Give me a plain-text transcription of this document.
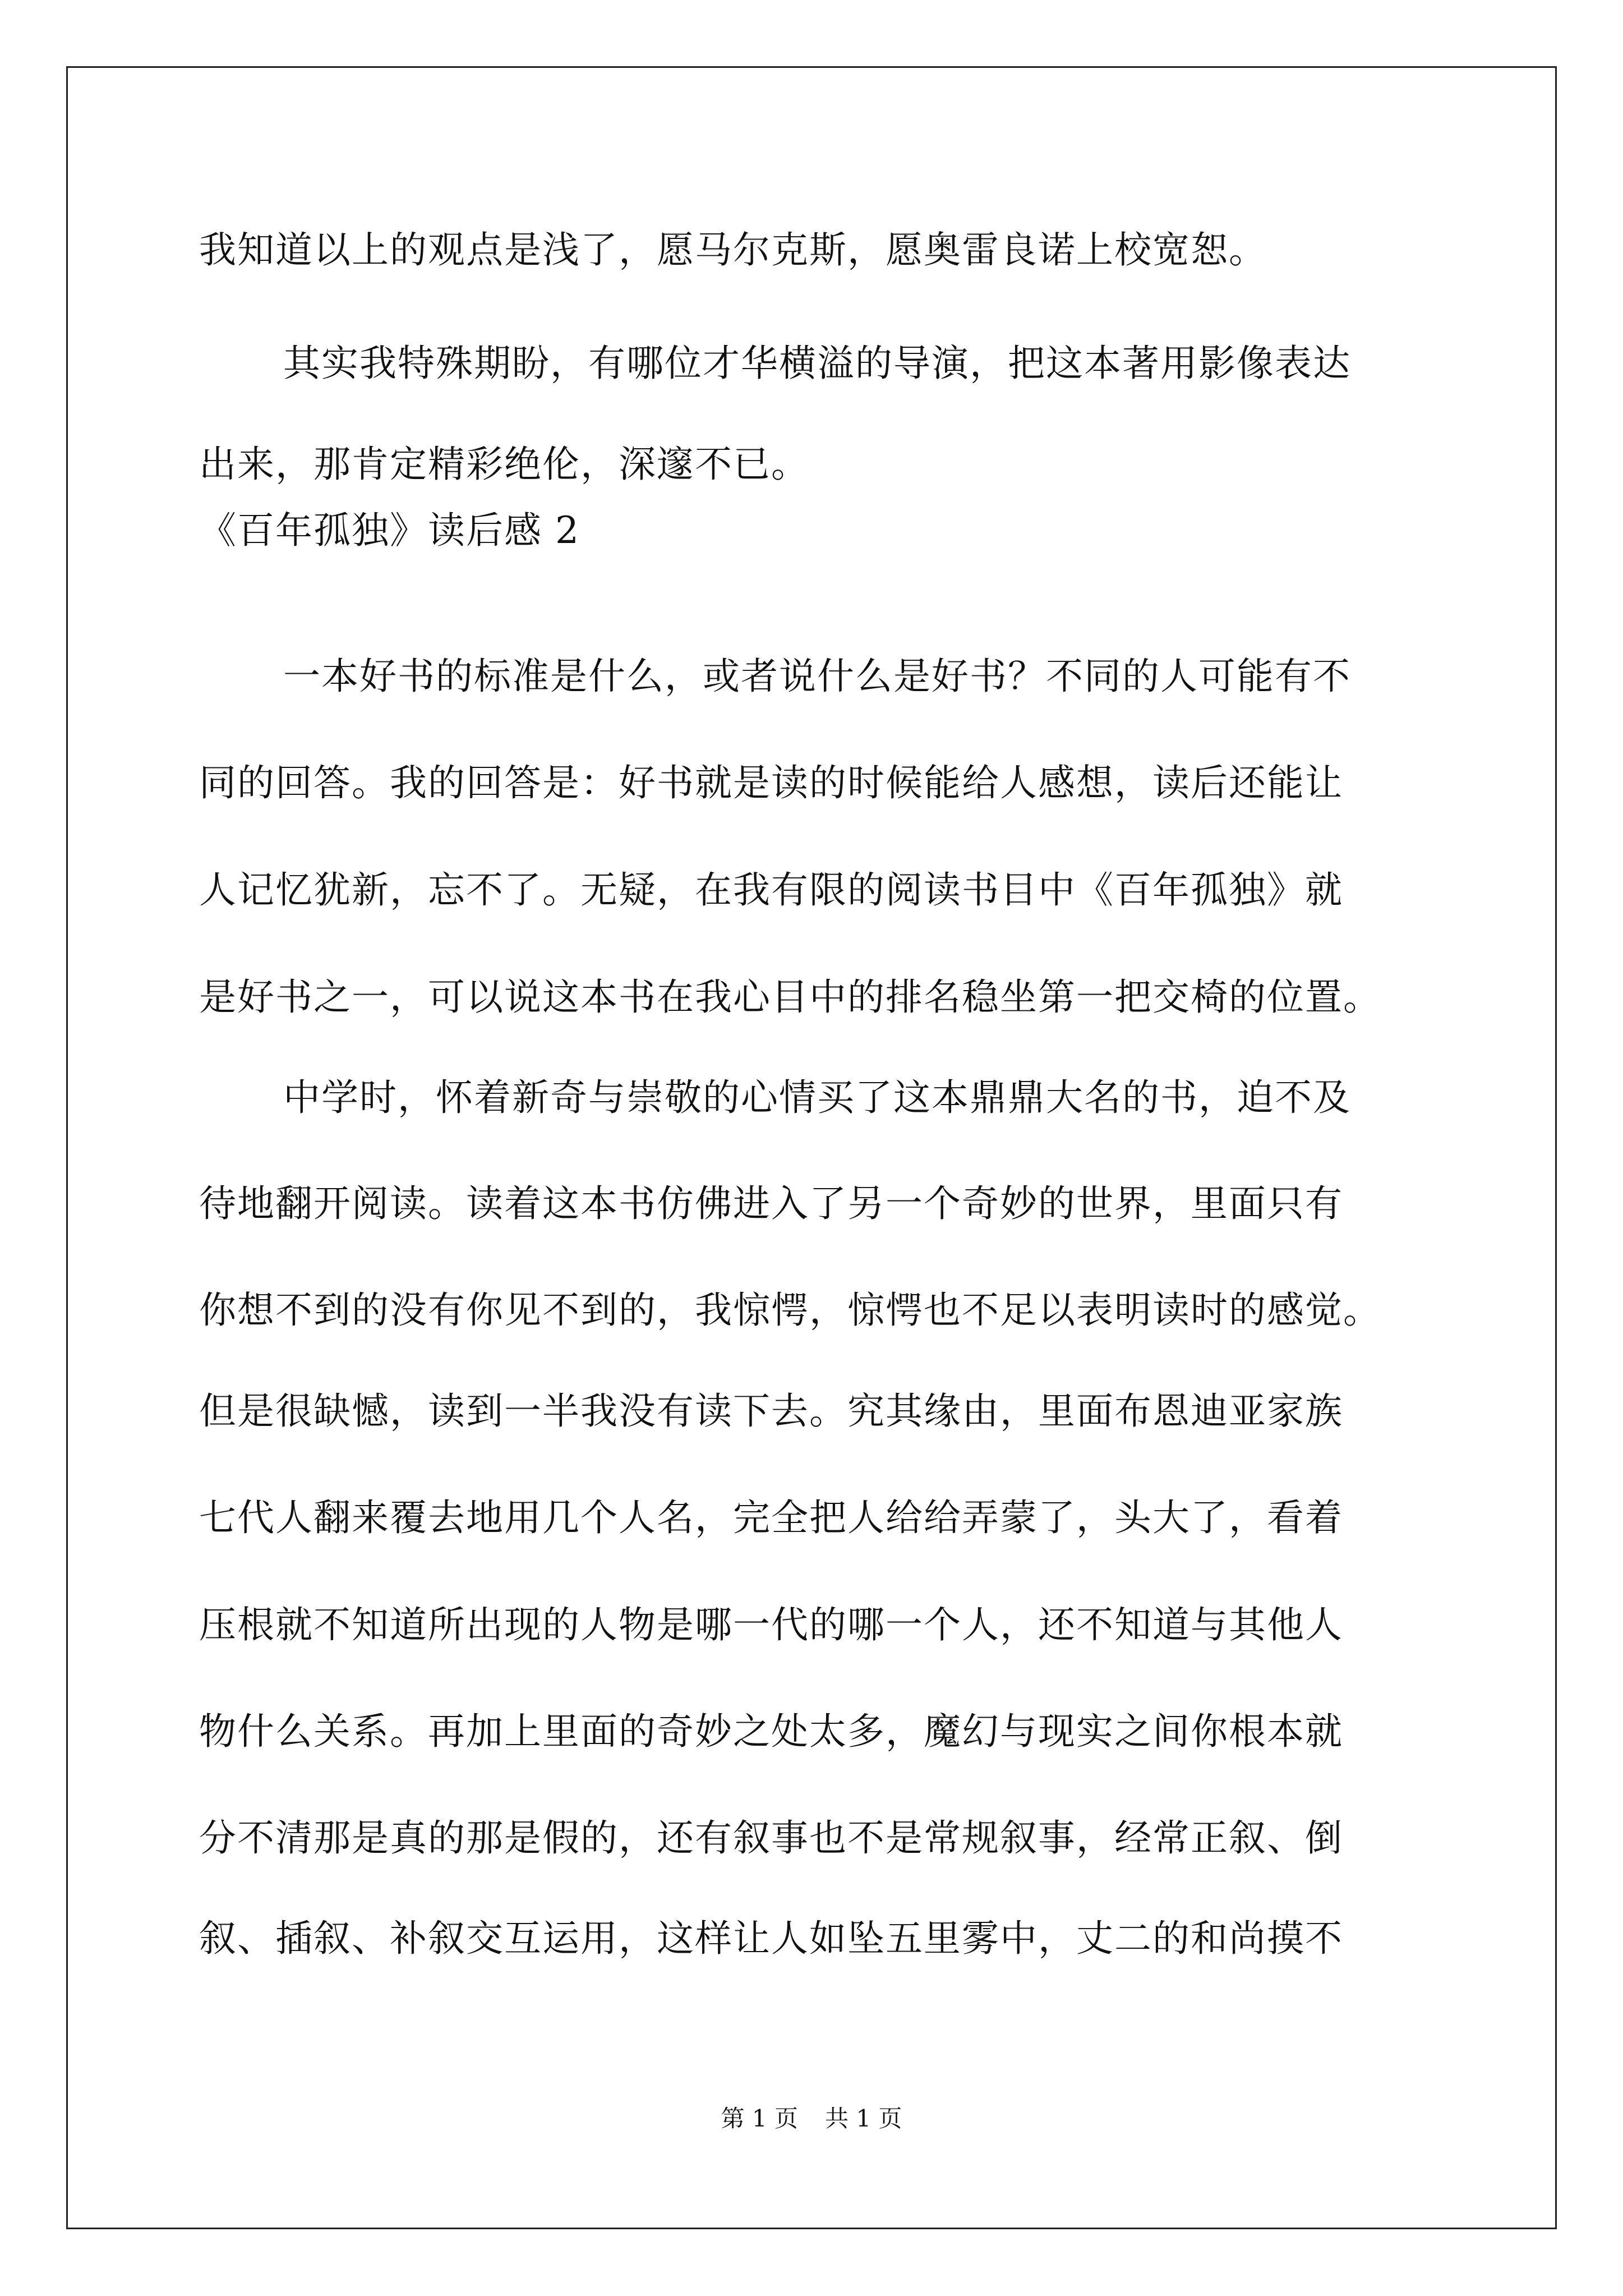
我知道以上的观点是浅了，愿马尔克斯，愿奥雷良诺上校宽恕。
其实我特殊期盼，有哪位才华横溢的导演，把这本著用影像表达
出来，那肯定精彩绝伦，深邃不已。
《百年孤独》读后感 2
一本好书的标准是什么，或者说什么是好书？不同的人可能有不
同的回答。我的回答是：好书就是读的时候能给人感想，读后还能让
人记忆犹新，忘不了。无疑，在我有限的阅读书目中《百年孤独》就
是好书之一，可以说这本书在我心目中的排名稳坐第一把交椅的位置。
中学时，怀着新奇与崇敬的心情买了这本鼎鼎大名的书，迫不及
待地翻开阅读。读着这本书仿佛进入了另一个奇妙的世界，里面只有
你想不到的没有你见不到的，我惊愕，惊愕也不足以表明读时的感觉。
但是很缺憾，读到一半我没有读下去。究其缘由，里面布恩迪亚家族
七代人翻来覆去地用几个人名，完全把人给给弄蒙了，头大了，看着
压根就不知道所出现的人物是哪一代的哪一个人，还不知道与其他人
物什么关系。再加上里面的奇妙之处太多，魔幻与现实之间你根本就
分不清那是真的那是假的，还有叙事也不是常规叙事，经常正叙、倒
叙、插叙、补叙交互运用，这样让人如坠五里雾中，丈二的和尚摸不
第 1 页 共 1 页
